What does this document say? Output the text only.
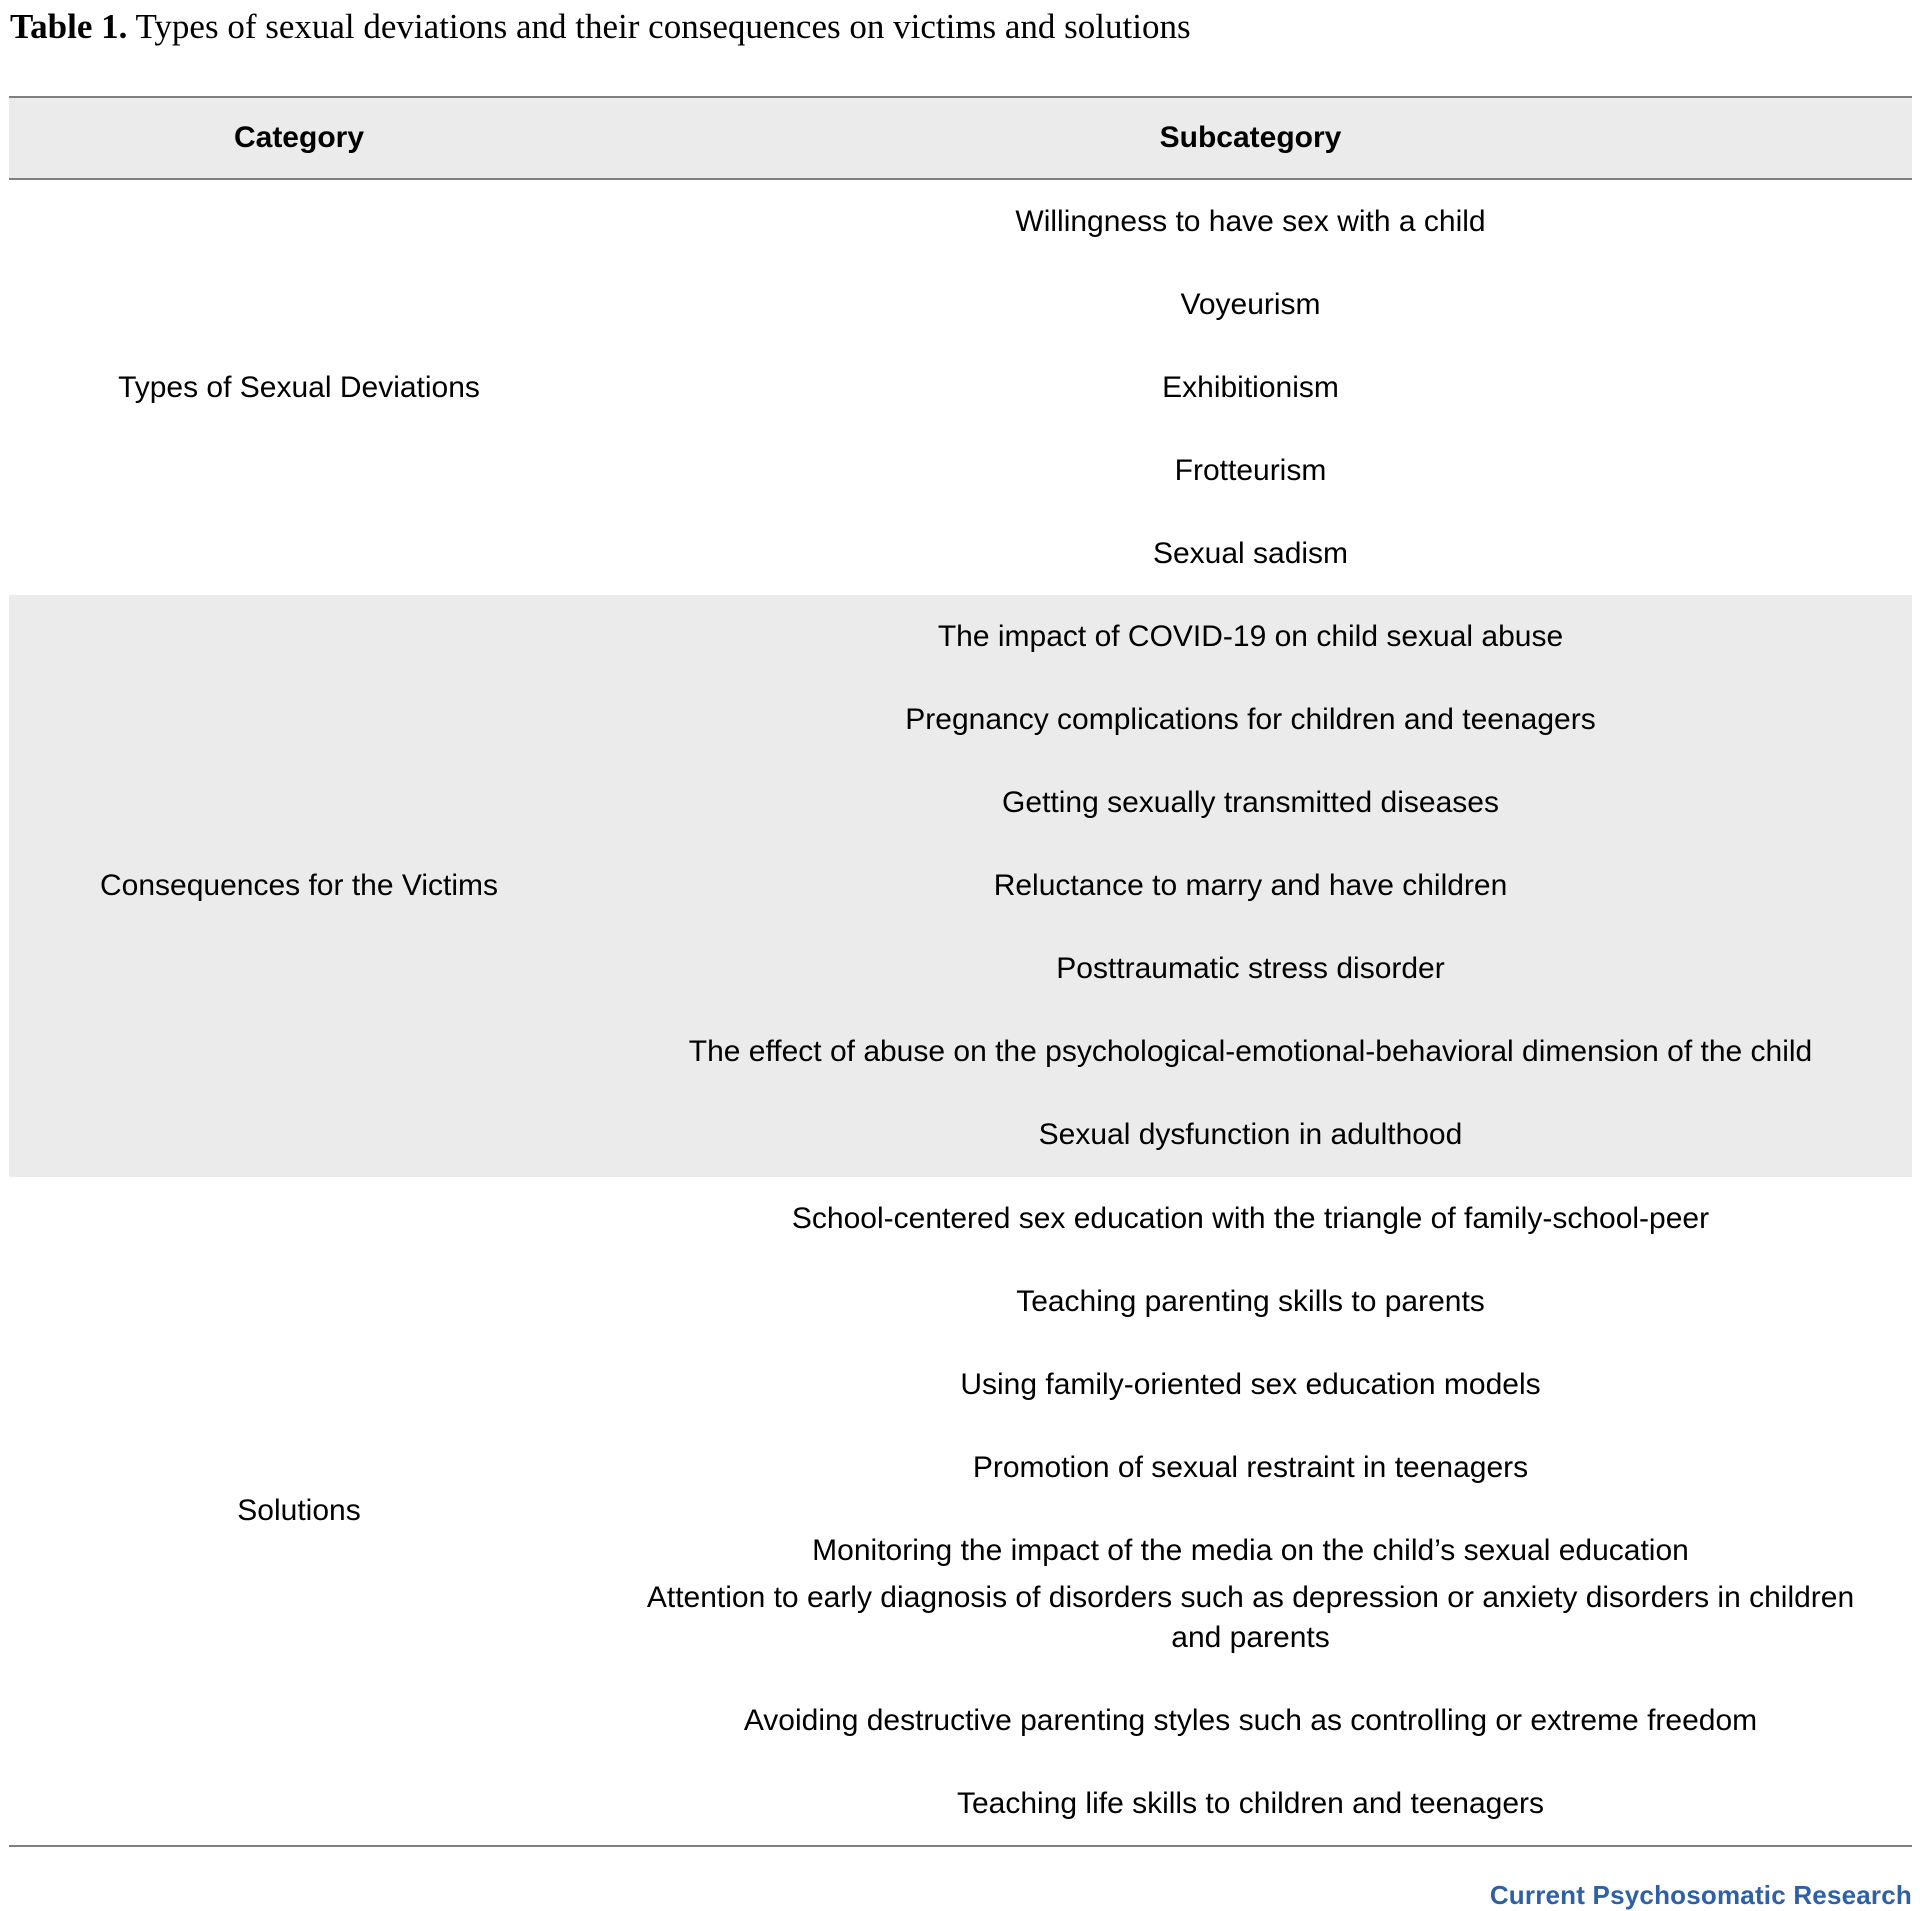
Table 1. Types of sexual deviations and their consequences on victims and solutions
Category	Subcategory
Types of Sexual Deviations
Willingness to have sex with a child
Voyeurism
Exhibitionism
Frotteurism
Sexual sadism
Consequences for the Victims
The impact of COVID-19 on child sexual abuse
Pregnancy complications for children and teenagers
Getting sexually transmitted diseases
Reluctance to marry and have children
Posttraumatic stress disorder
The effect of abuse on the psychological-emotional-behavioral dimension of the child
Sexual dysfunction in adulthood
Solutions
School-centered sex education with the triangle of family-school-peer
Teaching parenting skills to parents
Using family-oriented sex education models
Promotion of sexual restraint in teenagers
Monitoring the impact of the media on the child’s sexual education
Attention to early diagnosis of disorders such as depression or anxiety disorders in children and parents
Avoiding destructive parenting styles such as controlling or extreme freedom
Teaching life skills to children and teenagers
Current Psychosomatic Research
